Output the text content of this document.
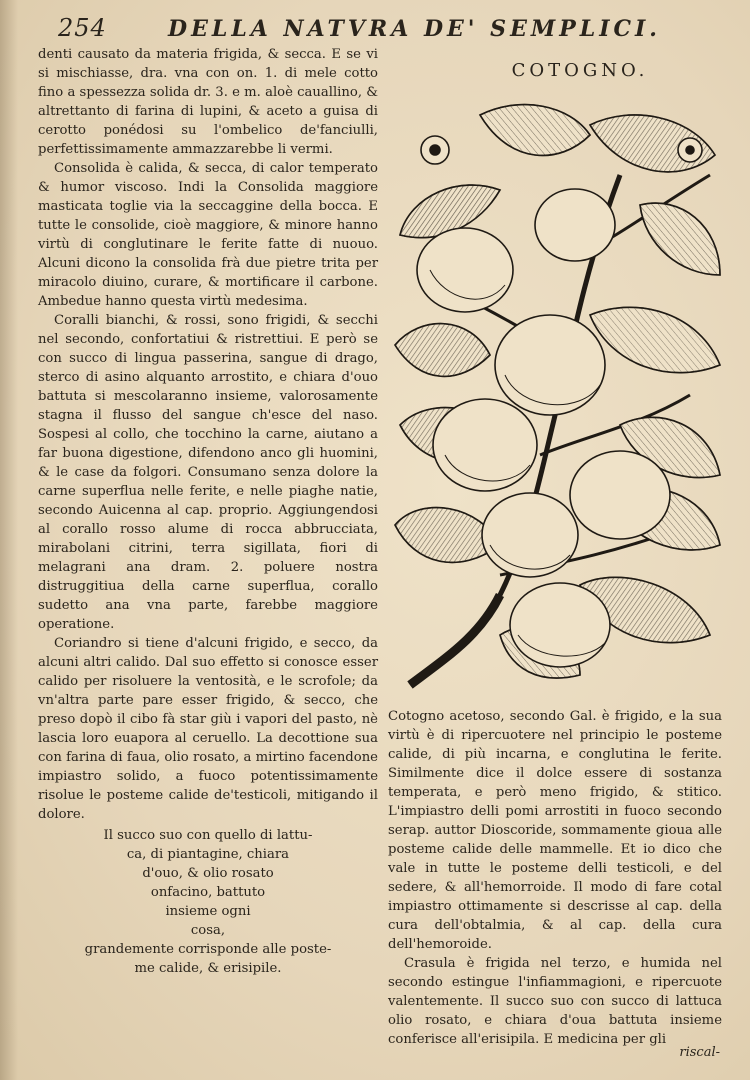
254	DELLA NATVRA DE' SEMPLICI.

denti causato da materia frigida, & secca. E se vi si mischiasse, dra. vna con on. 1. di mele cotto fino a spessezza solida dr. 3. e m. aloè cauallino, & altrettanto di farina di lupini, & aceto a guisa di cerotto ponédosi su l'ombelico de'fanciulli, perfettissimamente ammazzarebbe li vermi.

Consolida è calida, & secca, di calor temperato & humor viscoso. Indi la Consolida maggiore masticata toglie via la seccaggine della bocca. E tutte le consolide, cioè maggiore, & minore hanno virtù di conglutinare le ferite fatte di nuouo. Alcuni dicono la consolida frà due pietre trita per miracolo diuino, curare, & mortificare il carbone. Ambedue hanno questa virtù medesima.

Coralli bianchi, & rossi, sono frigidi, & secchi nel secondo, confortatiui & ristrettiui. E però se con succo di lingua passerina, sangue di drago, sterco di asino alquanto arrostito, e chiara d'ouo battuta si mescolaranno insieme, valorosamente stagna il flusso del sangue ch'esce del naso. Sospesi al collo, che tocchino la carne, aiutano a far buona digestione, difendono anco gli huomini, & le case da folgori. Consumano senza dolore la carne superflua nelle ferite, e nelle piaghe natie, secondo Auicenna al cap. proprio. Aggiungendosi al corallo rosso alume di rocca abbrucciata, mirabolani citrini, terra sigillata, fiori di melagrani ana dram. 2. poluere nostra distruggitiua della carne superflua, corallo sudetto ana vna parte, farebbe maggiore operatione.

Coriandro si tiene d'alcuni frigido, e secco, da alcuni altri calido. Dal suo effetto si conosce esser calido per risoluere la ventosità, e le scrofole; da vn'altra parte pare esser frigido, & secco, che preso dopò il cibo fà star giù i vapori del pasto, nè lascia loro euapora al ceruello. La decottione sua con farina di faua, olio rosato, a mirtino facendone impiastro solido, a fuoco potentissimamente risolue le posteme calide de'testicoli, mitigando il dolore.

Il succo suo con quello di lattu-
ca, di piantagine, chiara
d'ouo, & olio rosato
onfacino, battuto
insieme ogni
cosa,
grandemente corrisponde alle poste-
me calide, & erisipile.
COTOGNO.

Cotogno acetoso, secondo Gal. è frigido, e la sua virtù è di ripercuotere nel principio le posteme calide, di più incarna, e conglutina le ferite. Similmente dice il dolce essere di sostanza temperata, e però meno frigido, & stitico. L'impiastro delli pomi arrostiti in fuoco secondo serap. auttor Dioscoride, sommamente gioua alle posteme calide delle mammelle. Et io dico che vale in tutte le posteme delli testicoli, e del sedere, & all'hemorroide. Il modo di fare cotal impiastro ottimamente si descrisse al cap. della cura dell'obtalmia, & al cap. della cura dell'hemoroide.

Crasula è frigida nel terzo, e humida nel secondo estingue l'infiammagioni, e ripercuote valentemente. Il succo suo con succo di lattuca olio rosato, e chiara d'oua battuta insieme conferisce all'erisipila. E medicina per gli

riscal-
